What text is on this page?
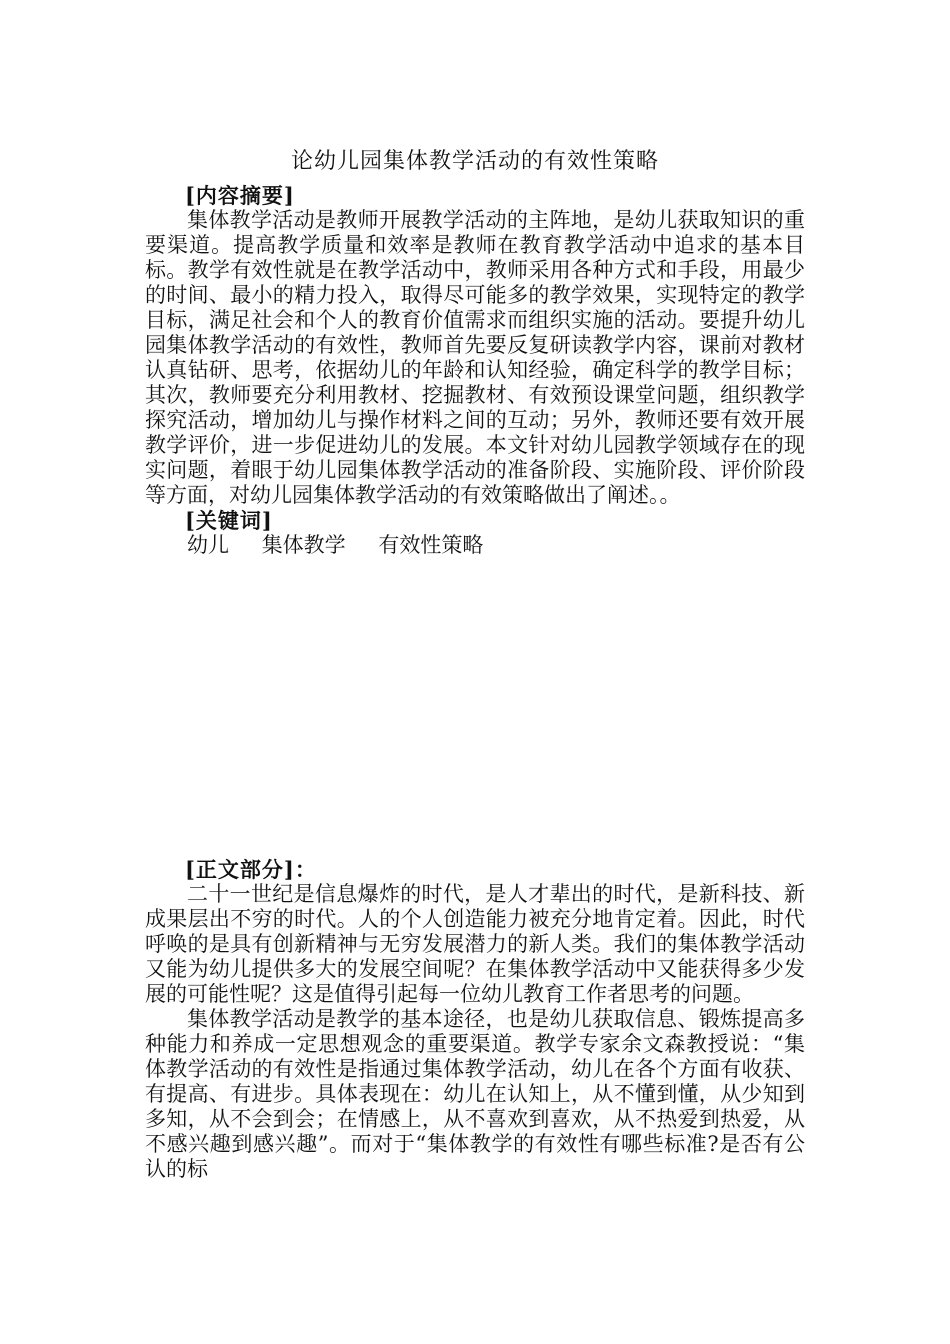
论幼儿园集体教学活动的有效性策略
[内容摘要]

集体教学活动是教师开展教学活动的主阵地，是幼儿获取知识的重要渠道。提高教学质量和效率是教师在教育教学活动中追求的基本目标。教学有效性就是在教学活动中，教师采用各种方式和手段，用最少的时间、最小的精力投入，取得尽可能多的教学效果，实现特定的教学目标，满足社会和个人的教育价值需求而组织实施的活动。要提升幼儿园集体教学活动的有效性，教师首先要反复研读教学内容，课前对教材认真钻研、思考，依据幼儿的年龄和认知经验，确定科学的教学目标；其次，教师要充分利用教材、挖掘教材、有效预设课堂问题，组织教学探究活动，增加幼儿与操作材料之间的互动；另外，教师还要有效开展教学评价，进一步促进幼儿的发展。本文针对幼儿园教学领域存在的现实问题，着眼于幼儿园集体教学活动的准备阶段、实施阶段、评价阶段等方面，对幼儿园集体教学活动的有效策略做出了阐述。。

[关键词]
幼儿 集体教学 有效性策略
[正文部分]：

二十一世纪是信息爆炸的时代，是人才辈出的时代，是新科技、新成果层出不穷的时代。人的个人创造能力被充分地肯定着。因此，时代呼唤的是具有创新精神与无穷发展潜力的新人类。我们的集体教学活动又能为幼儿提供多大的发展空间呢？在集体教学活动中又能获得多少发展的可能性呢？这是值得引起每一位幼儿教育工作者思考的问题。

集体教学活动是教学的基本途径，也是幼儿获取信息、锻炼提高多种能力和养成一定思想观念的重要渠道。教学专家余文森教授说：“集体教学活动的有效性是指通过集体教学活动，幼儿在各个方面有收获、有提高、有进步。具体表现在：幼儿在认知上，从不懂到懂，从少知到多知，从不会到会；在情感上，从不喜欢到喜欢，从不热爱到热爱，从不感兴趣到感兴趣”。而对于“集体教学的有效性有哪些标准?是否有公认的标
